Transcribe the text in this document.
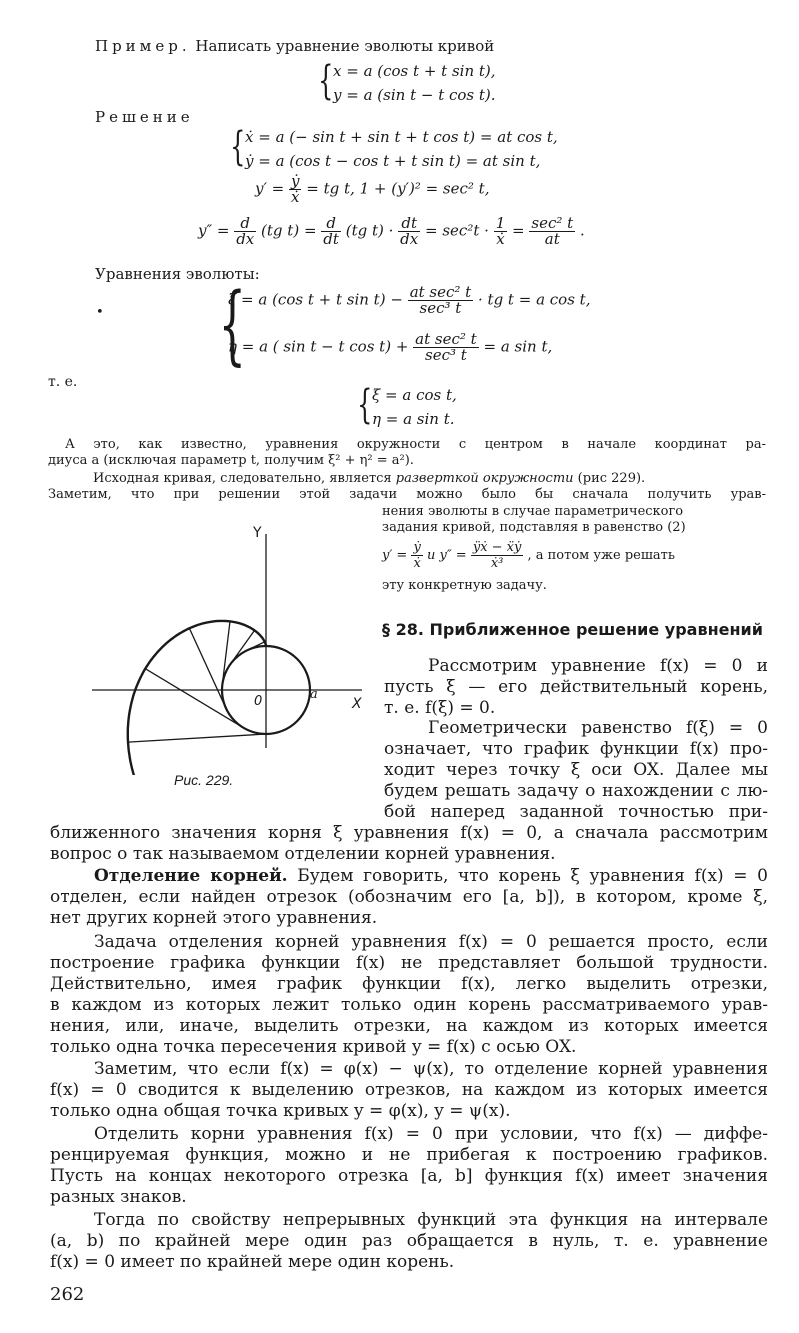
Пример. Написать уравнение эволюты кривой
{ x = a (cos t + t sin t),
y = a (sin t − t cos t).
Решение
{ ẋ = a (− sin t + sin t + t cos t) = at cos t,
ẏ = a (cos t − cos t + t sin t) = at sin t,
$y' = \frac{\text{ẏ}}{\text{ẋ}}$ = tg t, 1 + (y′)² = sec² t,
$y'' = \frac{d}{dx} (tg$ $t) = \frac{d}{dt} (tg$ $t) \cdot \frac{dt}{dx} = \sec^2t \cdot \frac{1}{\text{ẋ}} = \frac{\text{sec² t}}{at}$ .
Уравнения эволюты:
• {
ξ = a (cos t + t $\sin t) - \frac{\text{at sec² t}}{\text{sec³ t}}$ · tg t = a cos t,
η = a ( sin t − t $\cos t) + \frac{\text{at sec² t}}{\text{sec³ t}} = a$ sin t,
т. е.	{ ξ = a cos t,
η = a sin t.
А это, как известно, уравнения окружности с центром в начале координат ра-
диуса a (исключая параметр t, получим ξ² + η² = a²).
Исходная кривая, следовательно, является разверткой окружности (рис 229).
Заметим, что при решении этой задачи можно было бы сначала получить урав-
нения эволюты в случае параметрического
задания кривой, подставляя в равенство (2)
$y' = \frac{\text{ẏ}}{\text{ẋ}}$ и $y'' = \frac{\text{ÿẋ − ẍẏ}}{\text{ẋ³}}$ , а потом уже решать
эту конкретную задачу.
Y
X
0	a
Рис. 229.
§ 28. Приближенное решение уравнений
Рассмотрим уравнение f(x) = 0 и
пусть ξ — его действительный корень,
т. е. f(ξ) = 0.
Геометрически равенство f(ξ) = 0
означает, что график функции f(x) про-
ходит через точку ξ оси OX. Далее мы
будем решать задачу о нахождении с лю-
бой наперед заданной точностью при-
ближенного значения корня ξ уравнения f(x) = 0, а сначала рассмотрим
вопрос о так называемом отделении корней уравнения.
Отделение корней. Будем говорить, что корень ξ уравнения f(x) = 0
отделен, если найден отрезок (обозначим его [a, b]), в котором, кроме ξ,
нет других корней этого уравнения.
Задача отделения корней уравнения f(x) = 0 решается просто, если
построение графика функции f(x) не представляет большой трудности.
Действительно, имея график функции f(x), легко выделить отрезки,
в каждом из которых лежит только один корень рассматриваемого урав-
нения, или, иначе, выделить отрезки, на каждом из которых имеется
только одна точка пересечения кривой y = f(x) с осью OX.
Заметим, что если f(x) = φ(x) − ψ(x), то отделение корней уравнения
f(x) = 0 сводится к выделению отрезков, на каждом из которых имеется
только одна общая точка кривых y = φ(x), y = ψ(x).
Отделить корни уравнения f(x) = 0 при условии, что f(x) — диффе-
ренцируемая функция, можно и не прибегая к построению графиков.
Пусть на концах некоторого отрезка [a, b] функция f(x) имеет значения
разных знаков.
Тогда по свойству непрерывных функций эта функция на интервале
(a, b) по крайней мере один раз обращается в нуль, т. е. уравнение
f(x) = 0 имеет по крайней мере один корень.
262
